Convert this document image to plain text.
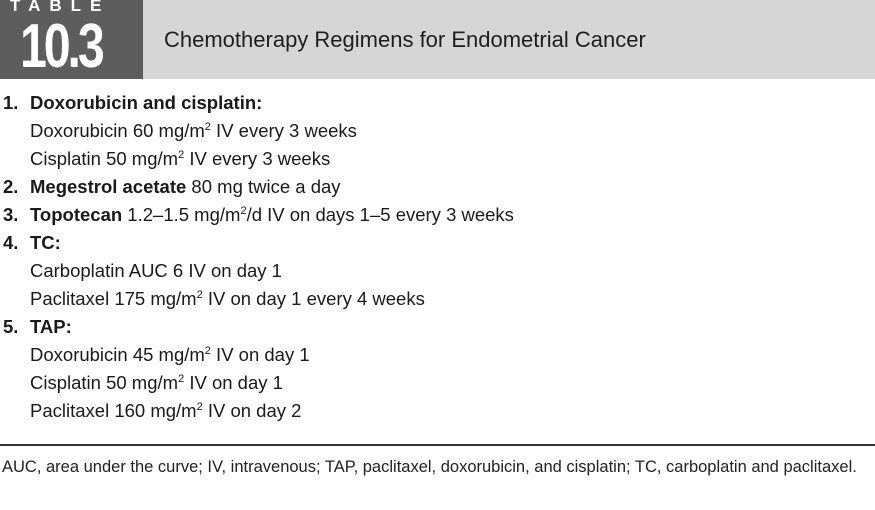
TABLE
10.3	Chemotherapy Regimens for Endometrial Cancer
1. Doxorubicin and cisplatin:
Doxorubicin 60 $mg/m^2$ IV every 3 weeks
Cisplatin 50 $mg/m^2$ IV every 3 weeks
2. Megestrol acetate 80 mg twice a day
3. Topotecan 1.2–1.5 $mg/m^2/d$ IV on days 1–5 every 3 weeks
4. TC:
Carboplatin AUC 6 IV on day 1
Paclitaxel 175 $mg/m^2$ IV on day 1 every 4 weeks
5. TAP:
Doxorubicin 45 $mg/m^2$ IV on day 1
Cisplatin 50 $mg/m^2$ IV on day 1
Paclitaxel 160 $mg/m^2$ IV on day 2
AUC, area under the curve; IV, intravenous; TAP, paclitaxel, doxorubicin, and cisplatin; TC, carboplatin and paclitaxel.
